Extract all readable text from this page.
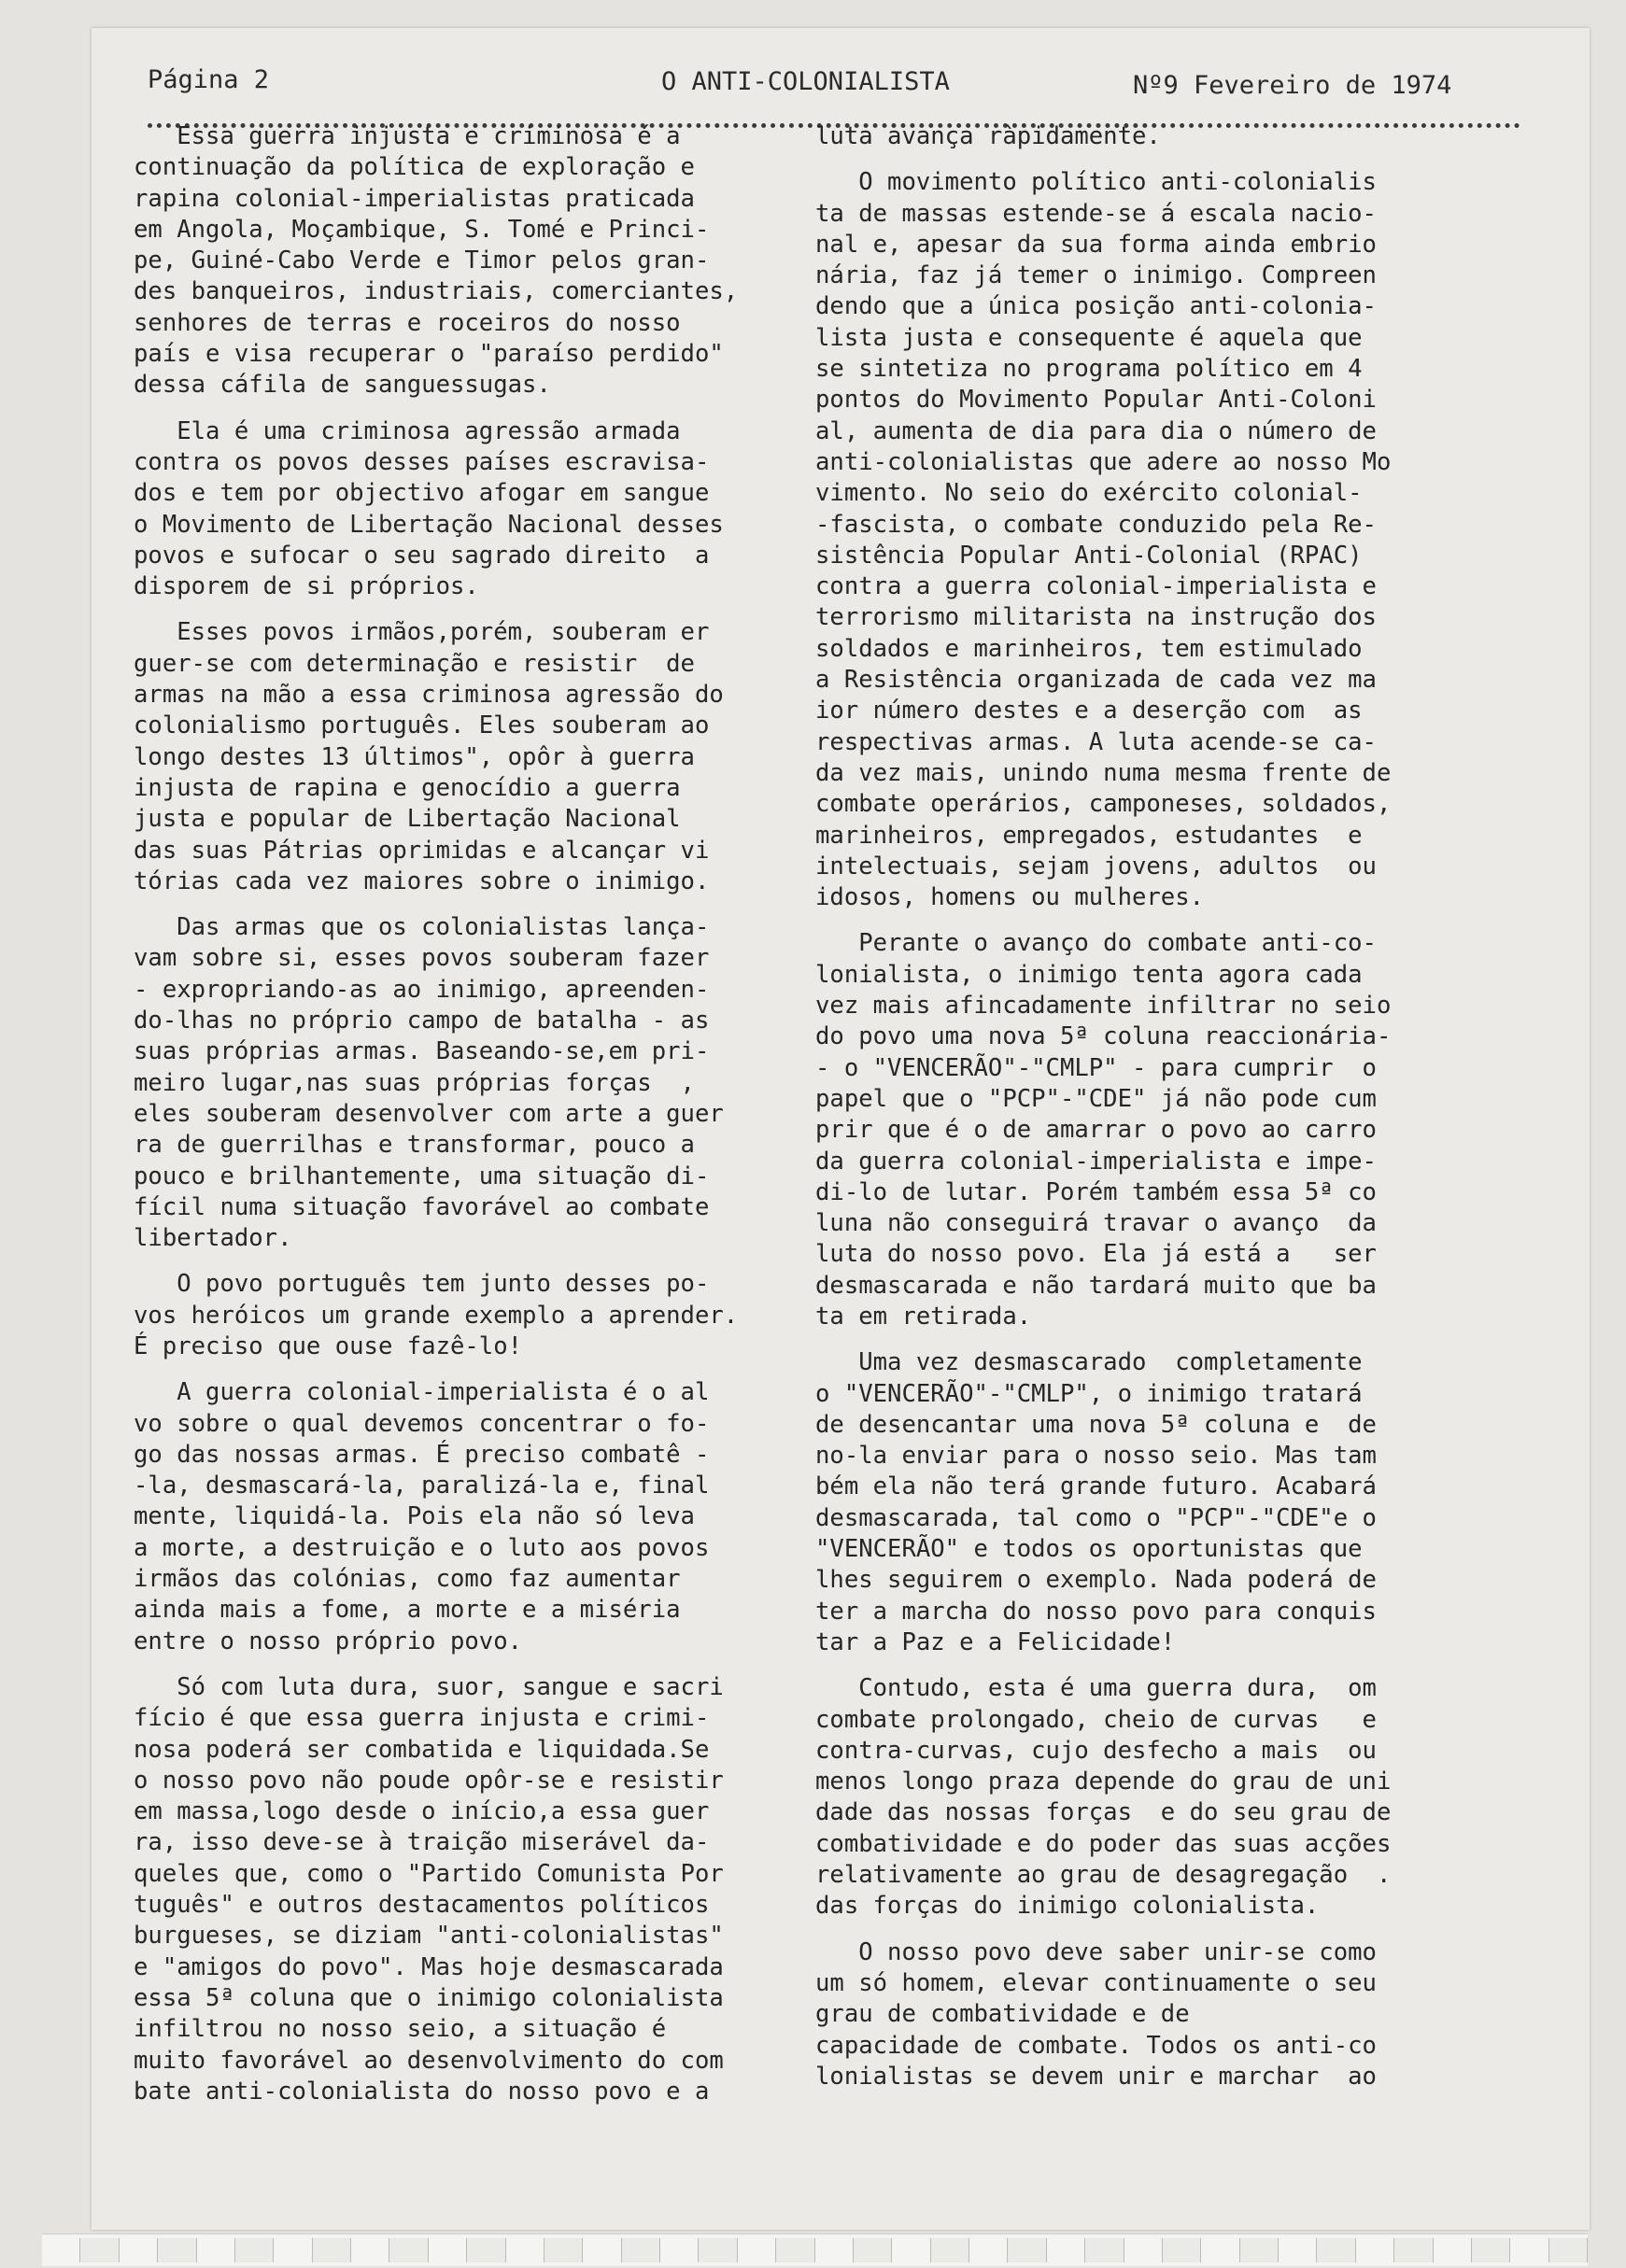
Página 2	O ANTI-COLONIALISTA	Nº9 Fevereiro de 1974
Essa guerra injusta e criminosa é a
continuação da política de exploração e
rapina colonial-imperialistas praticada
em Angola, Moçambique, S. Tomé e Princi-
pe, Guiné-Cabo Verde e Timor pelos gran-
des banqueiros, industriais, comerciantes,
senhores de terras e roceiros do nosso
país e visa recuperar o "paraíso perdido"
dessa cáfila de sanguessugas.
Ela é uma criminosa agressão armada
contra os povos desses países escravisa-
dos e tem por objectivo afogar em sangue
o Movimento de Libertação Nacional desses
povos e sufocar o seu sagrado direito  a
disporem de si próprios.
Esses povos irmãos,porém, souberam er
guer-se com determinação e resistir  de
armas na mão a essa criminosa agressão do
colonialismo português. Eles souberam ao
longo destes 13 últimos", opôr à guerra
injusta de rapina e genocídio a guerra
justa e popular de Libertação Nacional
das suas Pátrias oprimidas e alcançar vi
tórias cada vez maiores sobre o inimigo.
Das armas que os colonialistas lança-
vam sobre si, esses povos souberam fazer
- expropriando-as ao inimigo, apreenden-
do-lhas no próprio campo de batalha - as
suas próprias armas. Baseando-se,em pri-
meiro lugar,nas suas próprias forças  ,
eles souberam desenvolver com arte a guer
ra de guerrilhas e transformar, pouco a
pouco e brilhantemente, uma situação di-
fícil numa situação favorável ao combate
libertador.
O povo português tem junto desses po-
vos heróicos um grande exemplo a aprender.
É preciso que ouse fazê-lo!
A guerra colonial-imperialista é o al
vo sobre o qual devemos concentrar o fo-
go das nossas armas. É preciso combatê -
-la, desmascará-la, paralizá-la e, final
mente, liquidá-la. Pois ela não só leva
a morte, a destruição e o luto aos povos
irmãos das colónias, como faz aumentar
ainda mais a fome, a morte e a miséria
entre o nosso próprio povo.
Só com luta dura, suor, sangue e sacri
fício é que essa guerra injusta e crimi-
nosa poderá ser combatida e liquidada.Se
o nosso povo não poude opôr-se e resistir
em massa,logo desde o início,a essa guer
ra, isso deve-se à traição miserável da-
queles que, como o "Partido Comunista Por
tuguês" e outros destacamentos políticos
burgueses, se diziam "anti-colonialistas"
e "amigos do povo". Mas hoje desmascarada
essa 5ª coluna que o inimigo colonialista
infiltrou no nosso seio, a situação é
muito favorável ao desenvolvimento do com
bate anti-colonialista do nosso povo e a
luta avança ràpidamente.
O movimento político anti-colonialis
ta de massas estende-se á escala nacio-
nal e, apesar da sua forma ainda embrio
nária, faz já temer o inimigo. Compreen
dendo que a única posição anti-colonia-
lista justa e consequente é aquela que
se sintetiza no programa político em 4
pontos do Movimento Popular Anti-Coloni
al, aumenta de dia para dia o número de
anti-colonialistas que adere ao nosso Mo
vimento. No seio do exército colonial-
-fascista, o combate conduzido pela Re-
sistência Popular Anti-Colonial (RPAC)
contra a guerra colonial-imperialista e
terrorismo militarista na instrução dos
soldados e marinheiros, tem estimulado
a Resistência organizada de cada vez ma
ior número destes e a deserção com  as
respectivas armas. A luta acende-se ca-
da vez mais, unindo numa mesma frente de
combate operários, camponeses, soldados,
marinheiros, empregados, estudantes  e
intelectuais, sejam jovens, adultos  ou
idosos, homens ou mulheres.
Perante o avanço do combate anti-co-
lonialista, o inimigo tenta agora cada
vez mais afincadamente infiltrar no seio
do povo uma nova 5ª coluna reaccionária-
- o "VENCERÃO"-"CMLP" - para cumprir  o
papel que o "PCP"-"CDE" já não pode cum
prir que é o de amarrar o povo ao carro
da guerra colonial-imperialista e impe-
di-lo de lutar. Porém também essa 5ª co
luna não conseguirá travar o avanço  da
luta do nosso povo. Ela já está a   ser
desmascarada e não tardará muito que ba
ta em retirada.
Uma vez desmascarado  completamente
o "VENCERÃO"-"CMLP", o inimigo tratará
de desencantar uma nova 5ª coluna e  de
no-la enviar para o nosso seio. Mas tam
bém ela não terá grande futuro. Acabará
desmascarada, tal como o "PCP"-"CDE"e o
"VENCERÃO" e todos os oportunistas que
lhes seguirem o exemplo. Nada poderá de
ter a marcha do nosso povo para conquis
tar a Paz e a Felicidade!
Contudo, esta é uma guerra dura,  om
combate prolongado, cheio de curvas   e
contra-curvas, cujo desfecho a mais  ou
menos longo praza depende do grau de uni
dade das nossas forças  e do seu grau de
combatividade e do poder das suas acções
relativamente ao grau de desagregação  .
das forças do inimigo colonialista.
O nosso povo deve saber unir-se como
um só homem, elevar continuamente o seu
grau de combatividade e de
capacidade de combate. Todos os anti-co
lonialistas se devem unir e marchar  ao
